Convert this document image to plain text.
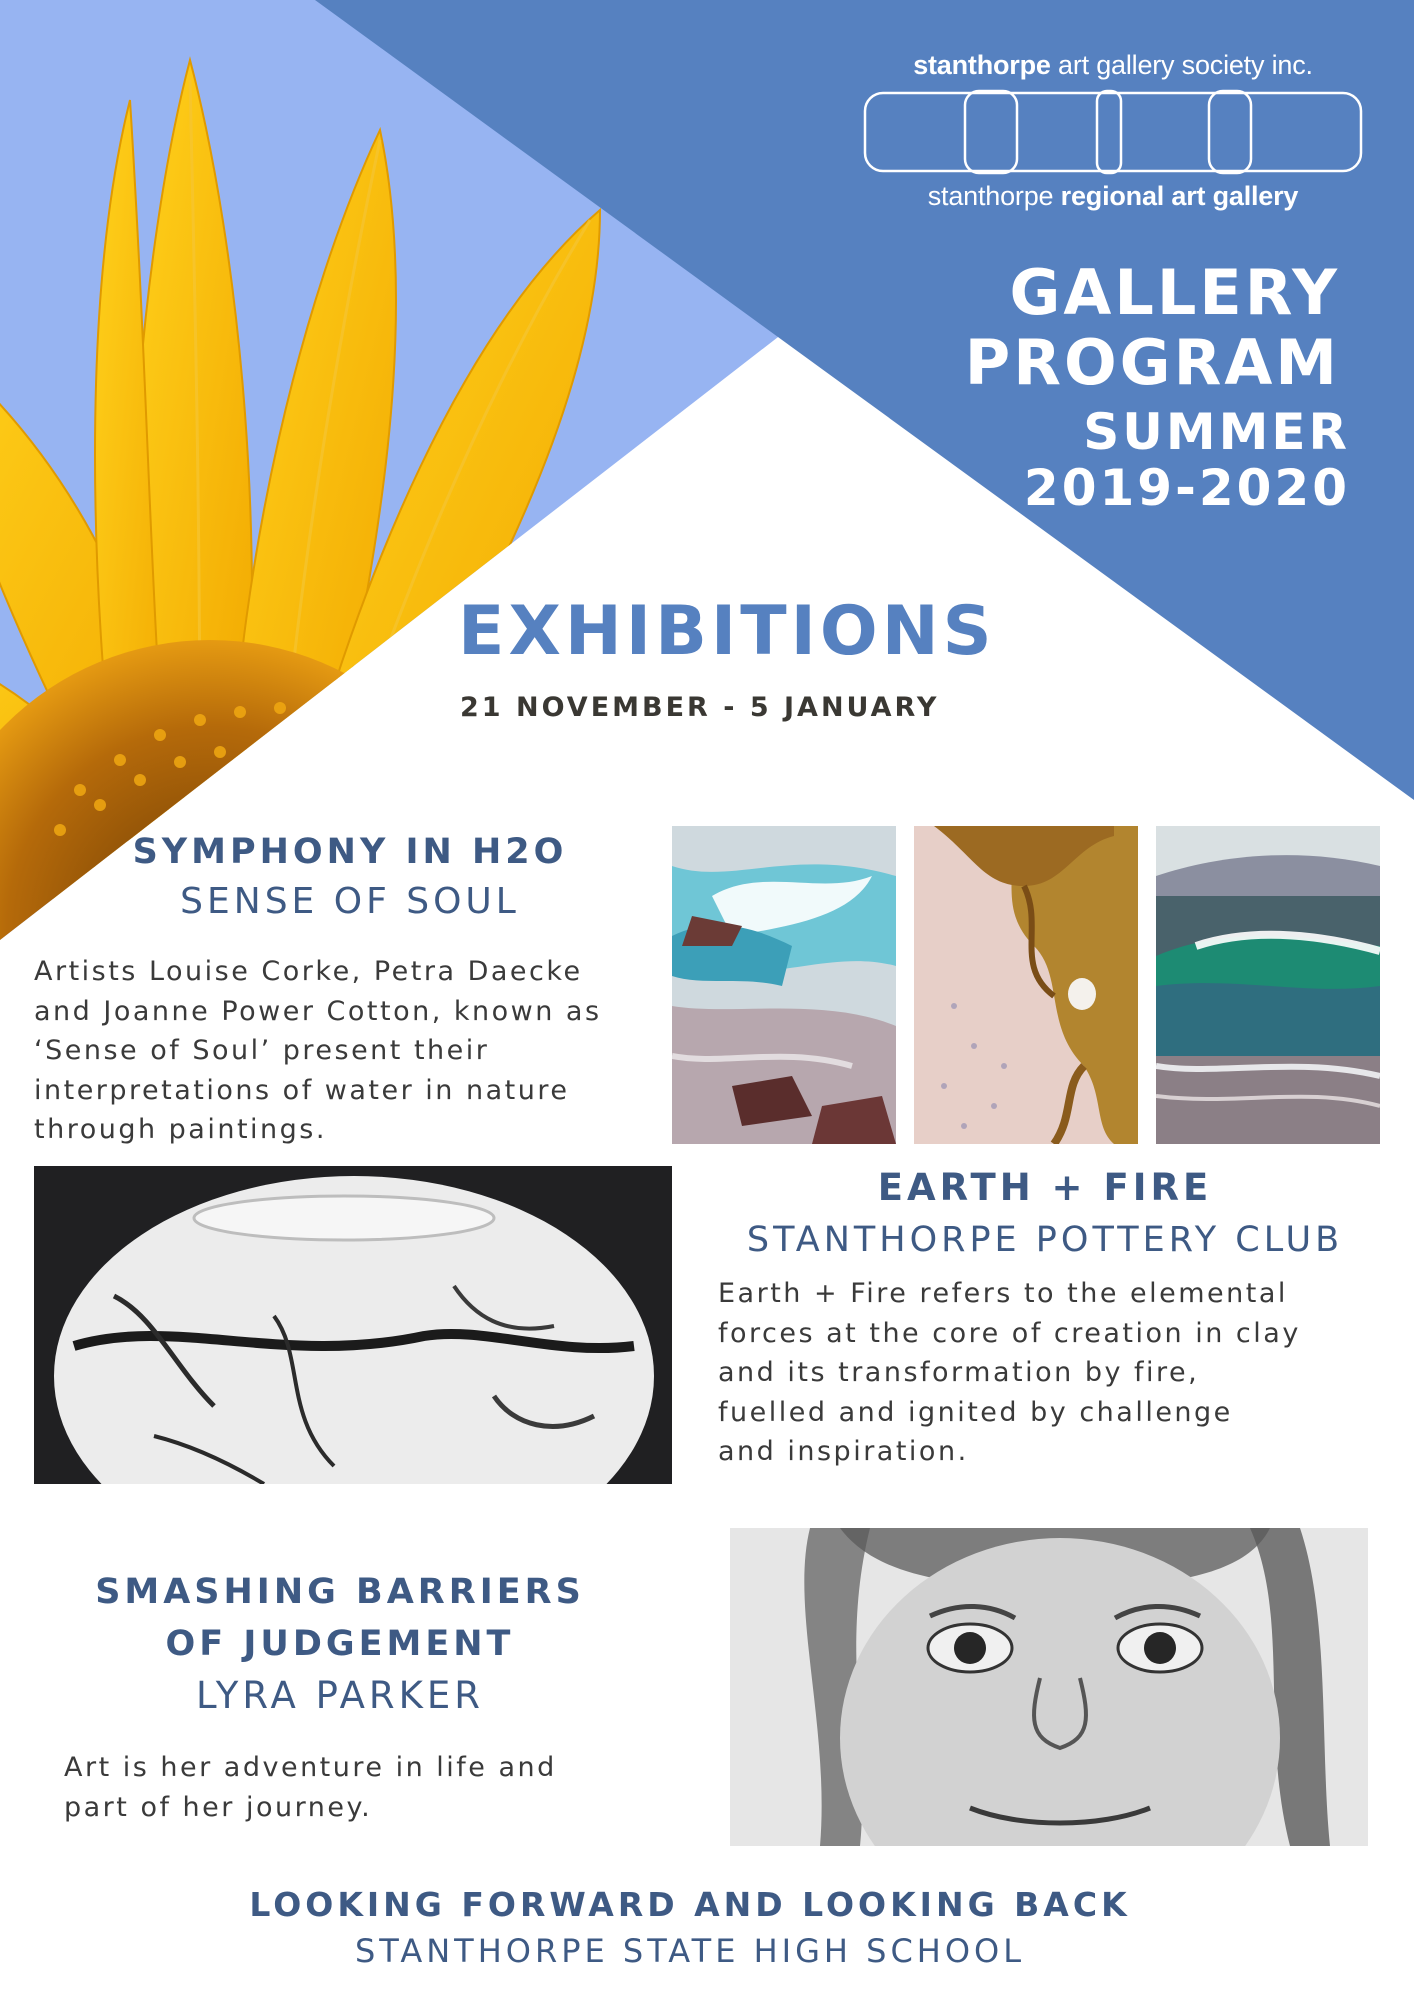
stanthorpe art gallery society inc.
stanthorpe regional art gallery
GALLERY
PROGRAM
SUMMER
2019-2020
EXHIBITIONS
21 NOVEMBER - 5 JANUARY
SYMPHONY IN H2O
SENSE OF SOUL
Artists Louise Corke, Petra Daecke
and Joanne Power Cotton, known as
‘Sense of Soul’ present their
interpretations of water in nature
through paintings.
EARTH + FIRE
STANTHORPE POTTERY CLUB
Earth + Fire refers to the elemental
forces at the core of creation in clay
and its transformation by fire,
fuelled and ignited by challenge
and inspiration.
SMASHING BARRIERS
OF JUDGEMENT
LYRA PARKER
Art is her adventure in life and
part of her journey.
LOOKING FORWARD AND LOOKING BACK
STANTHORPE STATE HIGH SCHOOL
